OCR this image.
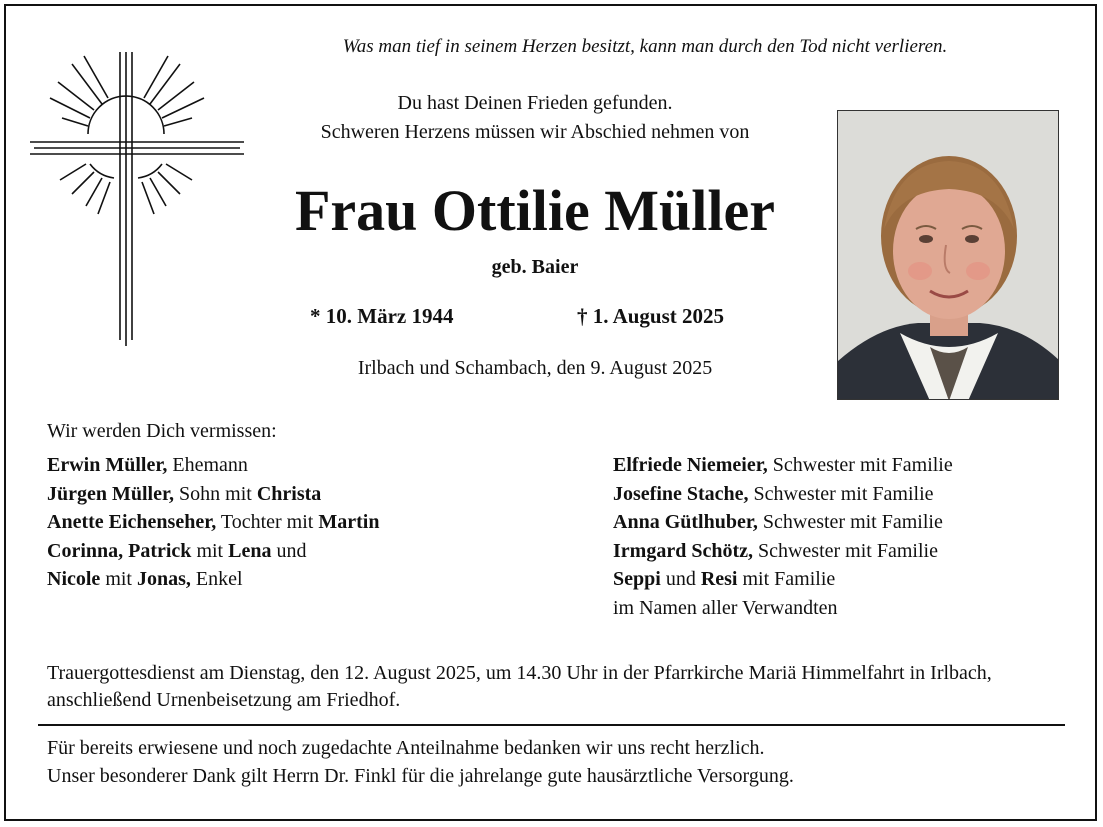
Was man tief in seinem Herzen besitzt, kann man durch den Tod nicht verlieren.
Du hast Deinen Frieden gefunden.
Schweren Herzens müssen wir Abschied nehmen von
Frau Ottilie Müller
geb. Baier
* 10. März 1944	† 1. August 2025
Irlbach und Schambach, den 9. August 2025
Wir werden Dich vermissen:
Erwin Müller, Ehemann
Jürgen Müller, Sohn mit Christa
Anette Eichenseher, Tochter mit Martin
Corinna, Patrick mit Lena und
Nicole mit Jonas, Enkel
Elfriede Niemeier, Schwester mit Familie
Josefine Stache, Schwester mit Familie
Anna Gütlhuber, Schwester mit Familie
Irmgard Schötz, Schwester mit Familie
Seppi und Resi mit Familie
im Namen aller Verwandten
Trauergottesdienst am Dienstag, den 12. August 2025, um 14.30 Uhr in der Pfarrkirche Mariä Himmelfahrt in Irlbach, anschließend Urnenbeisetzung am Friedhof.
Für bereits erwiesene und noch zugedachte Anteilnahme bedanken wir uns recht herzlich.
Unser besonderer Dank gilt Herrn Dr. Finkl für die jahrelange gute hausärztliche Versorgung.
